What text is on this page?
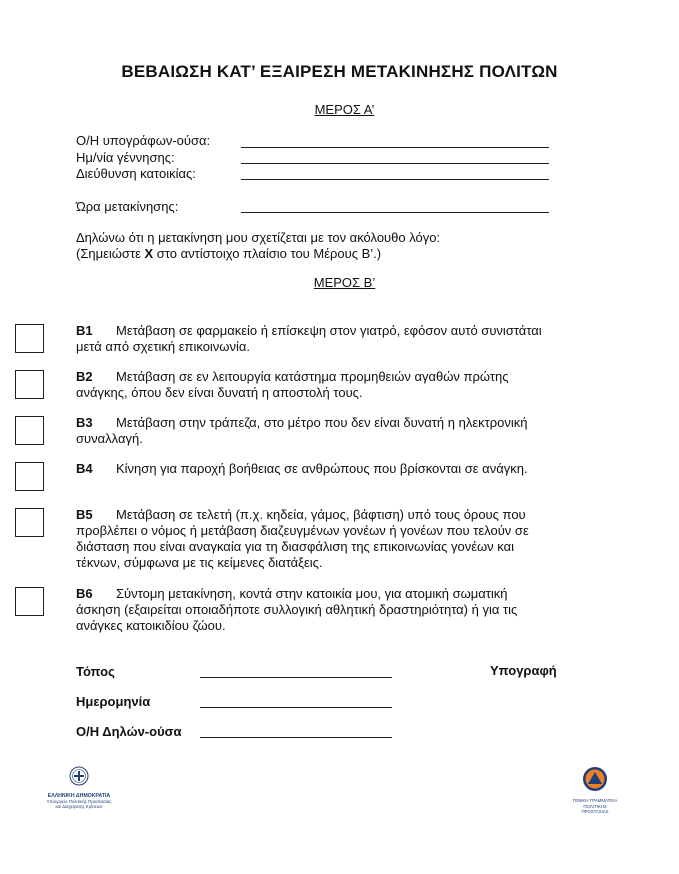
ΒΕΒΑΙΩΣΗ ΚΑΤ’ ΕΞΑΙΡΕΣΗ ΜΕΤΑΚΙΝΗΣΗΣ ΠΟΛΙΤΩΝ
ΜΕΡΟΣ Α’
Ο/Η υπογράφων-ούσα:
Ημ/νία γέννησης:
Διεύθυνση κατοικίας:
Ώρα μετακίνησης:
Δηλώνω ότι η μετακίνηση μου σχετίζεται με τον ακόλουθο λόγο:
(Σημειώστε Χ στο αντίστοιχο πλαίσιο του Μέρους Β’.)
ΜΕΡΟΣ Β’
Β1 Μετάβαση σε φαρμακείο ή επίσκεψη στον γιατρό, εφόσον αυτό συνιστάται
μετά από σχετική επικοινωνία.
Β2 Μετάβαση σε εν λειτουργία κατάστημα προμηθειών αγαθών πρώτης
ανάγκης, όπου δεν είναι δυνατή η αποστολή τους.
Β3 Μετάβαση στην τράπεζα, στο μέτρο που δεν είναι δυνατή η ηλεκτρονική
συναλλαγή.
Β4 Κίνηση για παροχή βοήθειας σε ανθρώπους που βρίσκονται σε ανάγκη.
Β5 Μετάβαση σε τελετή (π.χ. κηδεία, γάμος, βάφτιση) υπό τους όρους που
προβλέπει ο νόμος ή μετάβαση διαζευγμένων γονέων ή γονέων που τελούν σε
διάσταση που είναι αναγκαία για τη διασφάλιση της επικοινωνίας γονέων και
τέκνων, σύμφωνα με τις κείμενες διατάξεις.
Β6 Σύντομη μετακίνηση, κοντά στην κατοικία μου, για ατομική σωματική
άσκηση (εξαιρείται οποιαδήποτε συλλογική αθλητική δραστηριότητα) ή για τις
ανάγκες κατοικιδίου ζώου.
Τόπος
Ημερομηνία
Ο/Η Δηλών-ούσα
Υπογραφή
ΕΛΛΗΝΙΚΗ ΔΗΜΟΚΡΑΤΙΑ
Υπουργείο Πολιτικής Προστασίας
και Διαχείρισης Κρίσεων
ΓΕΝΙΚΗ ΓΡΑΜΜΑΤΕΙΑ
ΠΟΛΙΤΙΚΗΣ ΠΡΟΣΤΑΣΙΑΣ
